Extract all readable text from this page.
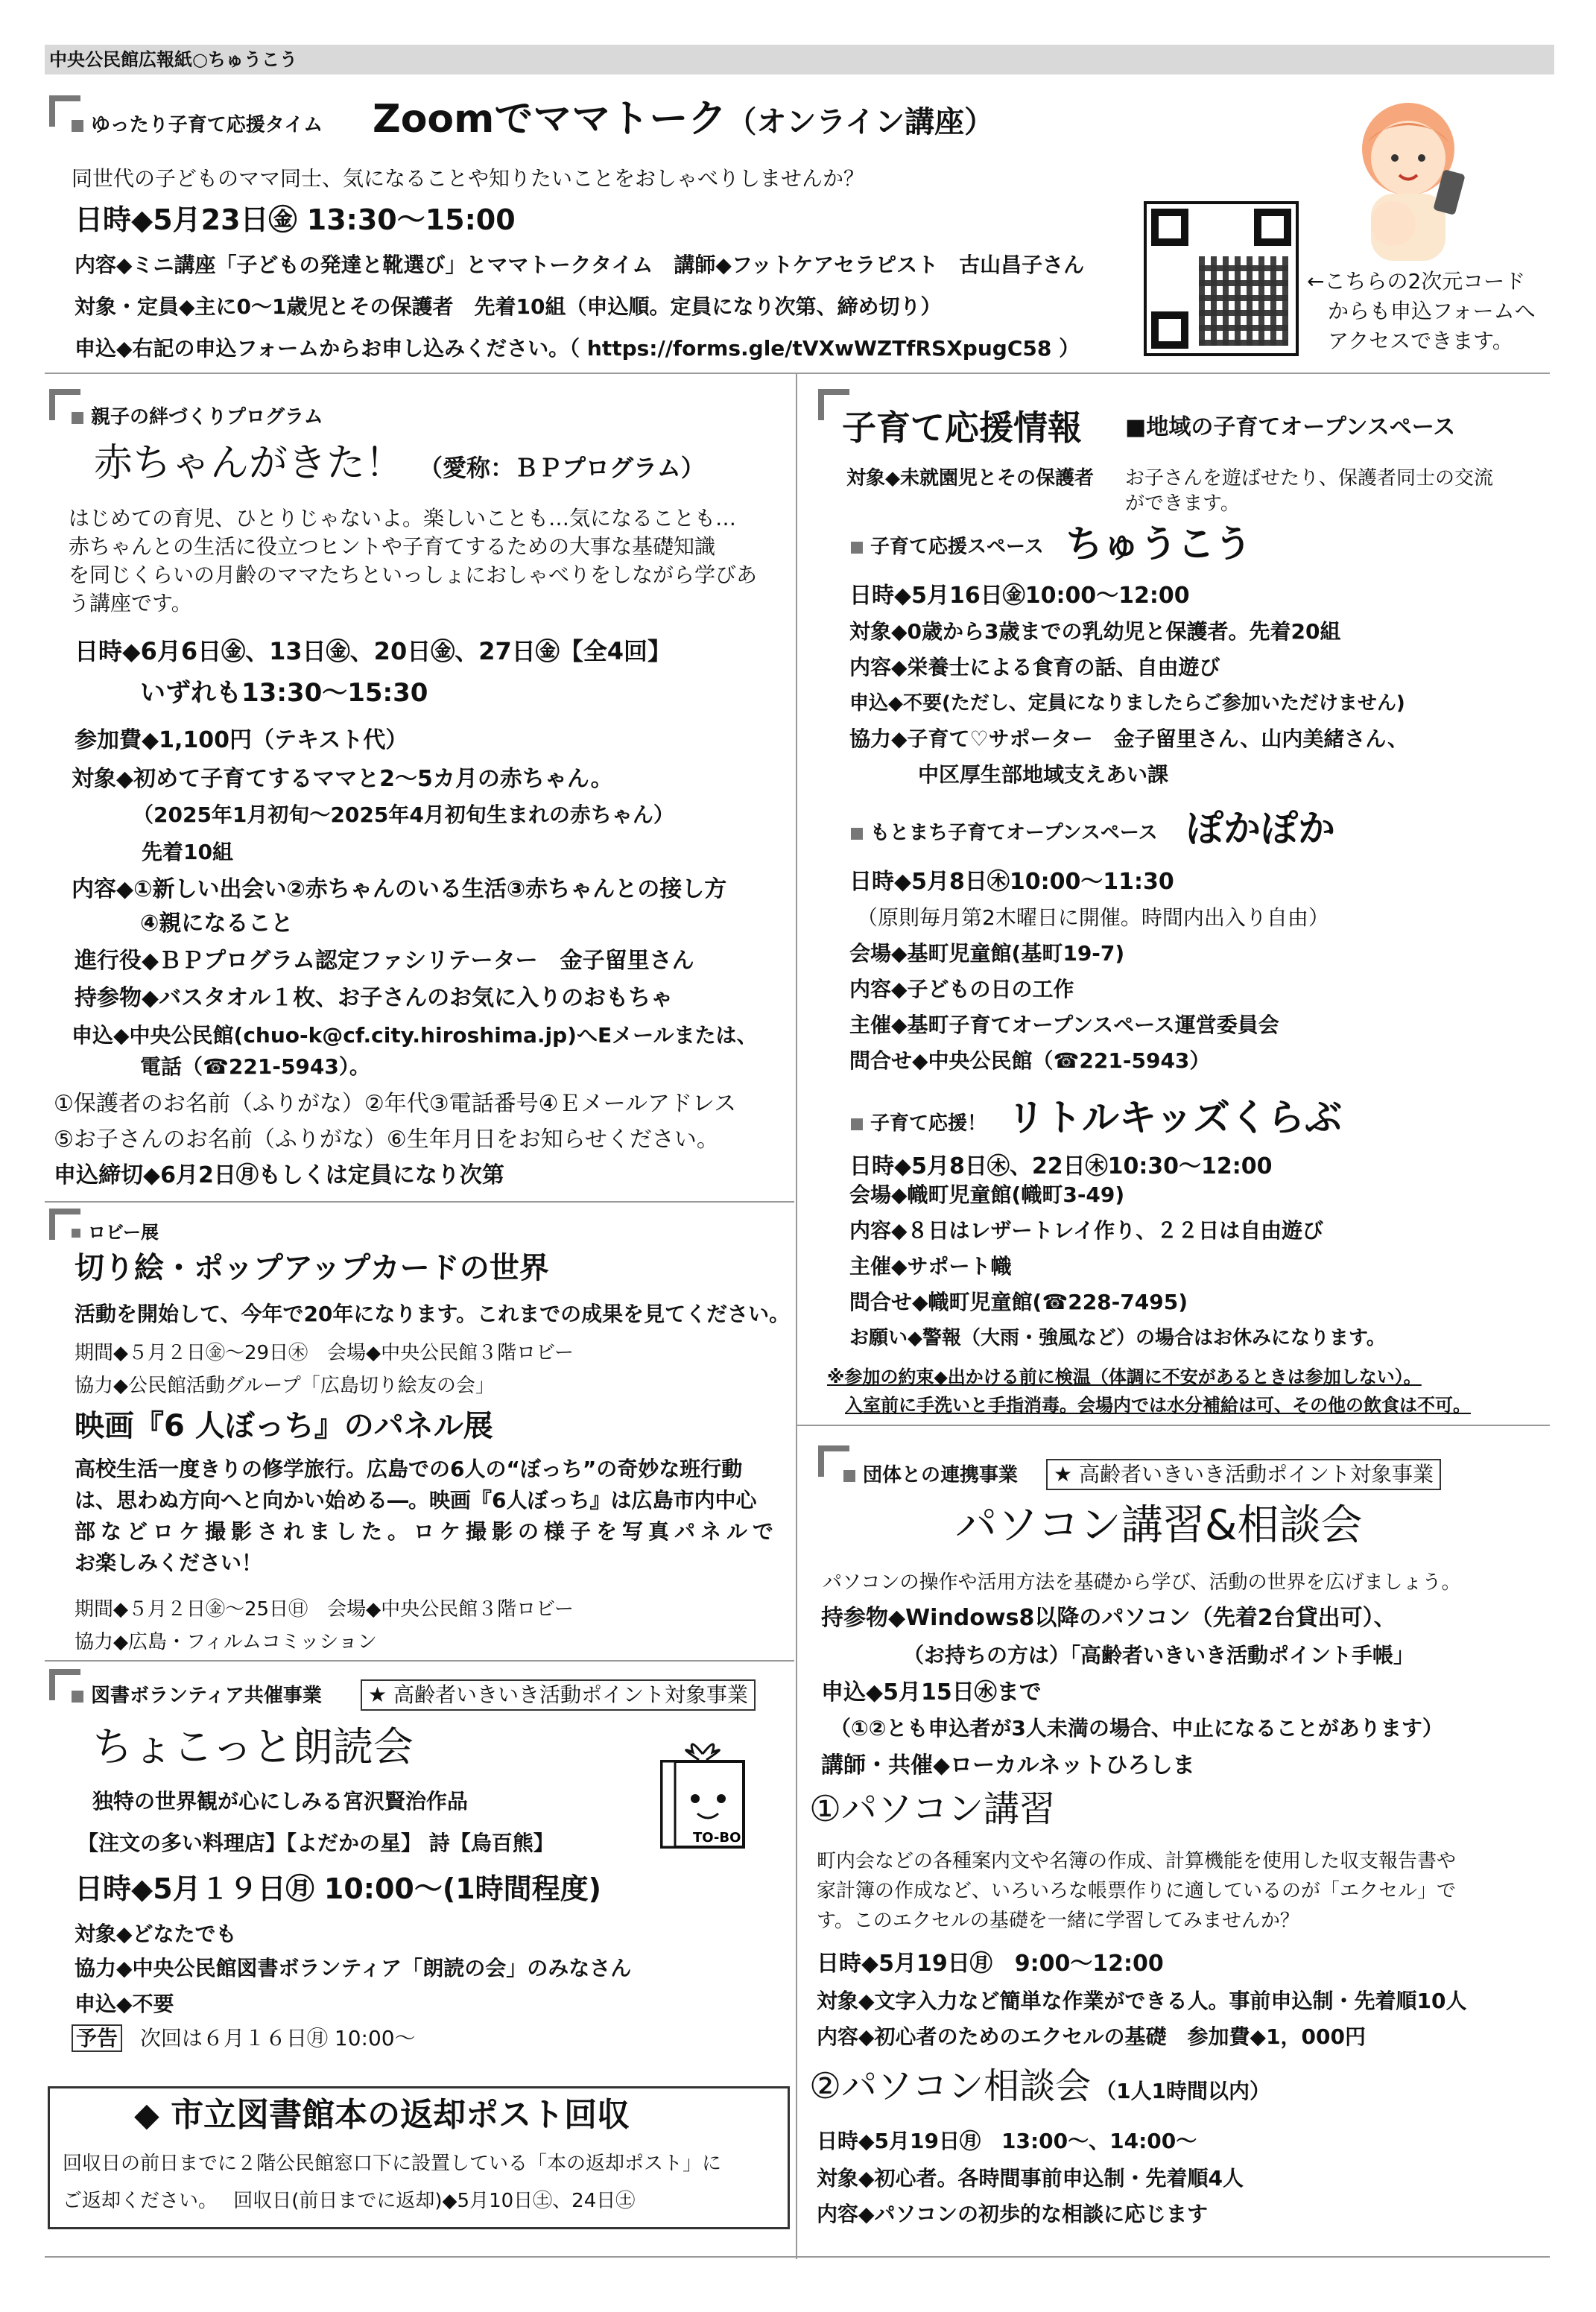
中央公民館広報紙○ちゅうこう
ゆったり子育て応援タイム Zoomでママトーク（オンライン講座）
同世代の子どものママ同士、気になることや知りたいことをおしゃべりしませんか？
日時◆5月23日㊎ 13:30～15:00
内容◆ミニ講座「子どもの発達と靴選び」とママトークタイム　講師◆フットケアセラピスト　古山昌子さん
対象・定員◆主に0～1歳児とその保護者　先着10組（申込順。定員になり次第、締め切り）
申込◆右記の申込フォームからお申し込みください。（ https://forms.gle/tVXwWZTfRSXpugC58 ）
←こちらの2次元コード
からも申込フォームへ
アクセスできます。
親子の絆づくりプログラム
赤ちゃんがきた！ （愛称：ＢＰプログラム）
はじめての育児、ひとりじゃないよ。楽しいことも…気になることも…
赤ちゃんとの生活に役立つヒントや子育てするための大事な基礎知識
を同じくらいの月齢のママたちといっしょにおしゃべりをしながら学びあ
う講座です。
日時◆6月6日㊎、13日㊎、20日㊎、27日㊎【全4回】
いずれも13:30～15:30
参加費◆1,100円（テキスト代）
対象◆初めて子育てするママと2～5カ月の赤ちゃん。
（2025年1月初旬～2025年4月初旬生まれの赤ちゃん）
先着10組
内容◆①新しい出会い②赤ちゃんのいる生活③赤ちゃんとの接し方
④親になること
進行役◆ＢＰプログラム認定ファシリテーター　金子留里さん
持参物◆バスタオル１枚、お子さんのお気に入りのおもちゃ
申込◆中央公民館(chuo-k@cf.city.hiroshima.jp)へEメールまたは、
電話（☎221-5943）。
①保護者のお名前（ふりがな）②年代③電話番号④Ｅメールアドレス
⑤お子さんのお名前（ふりがな）⑥生年月日をお知らせください。
申込締切◆6月2日㊊もしくは定員になり次第
ロビー展
切り絵・ポップアップカードの世界
活動を開始して、今年で20年になります。これまでの成果を見てください。
期間◆５月２日㊎～29日㊍　会場◆中央公民館３階ロビー
協力◆公民館活動グループ「広島切り絵友の会」
映画『6 人ぼっち』のパネル展
高校生活一度きりの修学旅行。広島での6人の“ぼっち”の奇妙な班行動
は、思わぬ方向へと向かい始める―。映画『6人ぼっち』は広島市内中心
部などロケ撮影されました。ロケ撮影の様子を写真パネルで
お楽しみください！
期間◆５月２日㊎～25日㊐　会場◆中央公民館３階ロビー
協力◆広島・フィルムコミッション
図書ボランティア共催事業	★ 高齢者いきいき活動ポイント対象事業
ちょこっと朗読会
独特の世界観が心にしみる宮沢賢治作品
【注文の多い料理店】【よだかの星】 詩【烏百熊】	TO-BO
日時◆5月１９日㊊ 10:00～(1時間程度)
対象◆どなたでも
協力◆中央公民館図書ボランティア「朗読の会」のみなさん
申込◆不要
予告 次回は６月１６日㊊ 10:00～
◆ 市立図書館本の返却ポスト回収
回収日の前日までに２階公民館窓口下に設置している「本の返却ポスト」に
ご返却ください。　 回収日(前日までに返却)◆5月10日㊏、24日㊏
子育て応援情報 ■地域の子育てオープンスペース
対象◆未就園児とその保護者 お子さんを遊ばせたり、保護者同士の交流
ができます。
子育て応援スペース ちゅうこう
日時◆5月16日㊎10:00～12:00
対象◆0歳から3歳までの乳幼児と保護者。先着20組
内容◆栄養士による食育の話、自由遊び
申込◆不要(ただし、定員になりましたらご参加いただけません)
協力◆子育て♡サポーター　金子留里さん、山内美緒さん、
中区厚生部地域支えあい課
もとまち子育てオープンスペース ぽかぽか
日時◆5月8日㊍10:00～11:30
（原則毎月第2木曜日に開催。時間内出入り自由）
会場◆基町児童館(基町19-7)
内容◆子どもの日の工作
主催◆基町子育てオープンスペース運営委員会
問合せ◆中央公民館（☎221-5943）
子育て応援！ リトルキッズくらぶ
日時◆5月8日㊍、22日㊍10:30～12:00
会場◆幟町児童館(幟町3-49)
内容◆８日はレザートレイ作り、２２日は自由遊び
主催◆サポート幟
問合せ◆幟町児童館(☎228-7495)
お願い◆警報（大雨・強風など）の場合はお休みになります。
※参加の約束◆出かける前に検温（体調に不安があるときは参加しない）。
入室前に手洗いと手指消毒。会場内では水分補給は可、その他の飲食は不可。
団体との連携事業	★ 高齢者いきいき活動ポイント対象事業
パソコン講習&相談会
パソコンの操作や活用方法を基礎から学び、活動の世界を広げましょう。
持参物◆Windows8以降のパソコン（先着2台貸出可）、
（お持ちの方は）「高齢者いきいき活動ポイント手帳」
申込◆5月15日㊌まで
（①②とも申込者が3人未満の場合、中止になることがあります）
講師・共催◆ローカルネットひろしま
①パソコン講習
町内会などの各種案内文や名簿の作成、計算機能を使用した収支報告書や
家計簿の作成など、いろいろな帳票作りに適しているのが「エクセル」で
す。このエクセルの基礎を一緒に学習してみませんか？
日時◆5月19日㊊　9:00～12:00
対象◆文字入力など簡単な作業ができる人。事前申込制・先着順10人
内容◆初心者のためのエクセルの基礎　参加費◆1，000円
②パソコン相談会 （1人1時間以内）
日時◆5月19日㊊　13:00～、14:00～
対象◆初心者。各時間事前申込制・先着順4人
内容◆パソコンの初歩的な相談に応じます
